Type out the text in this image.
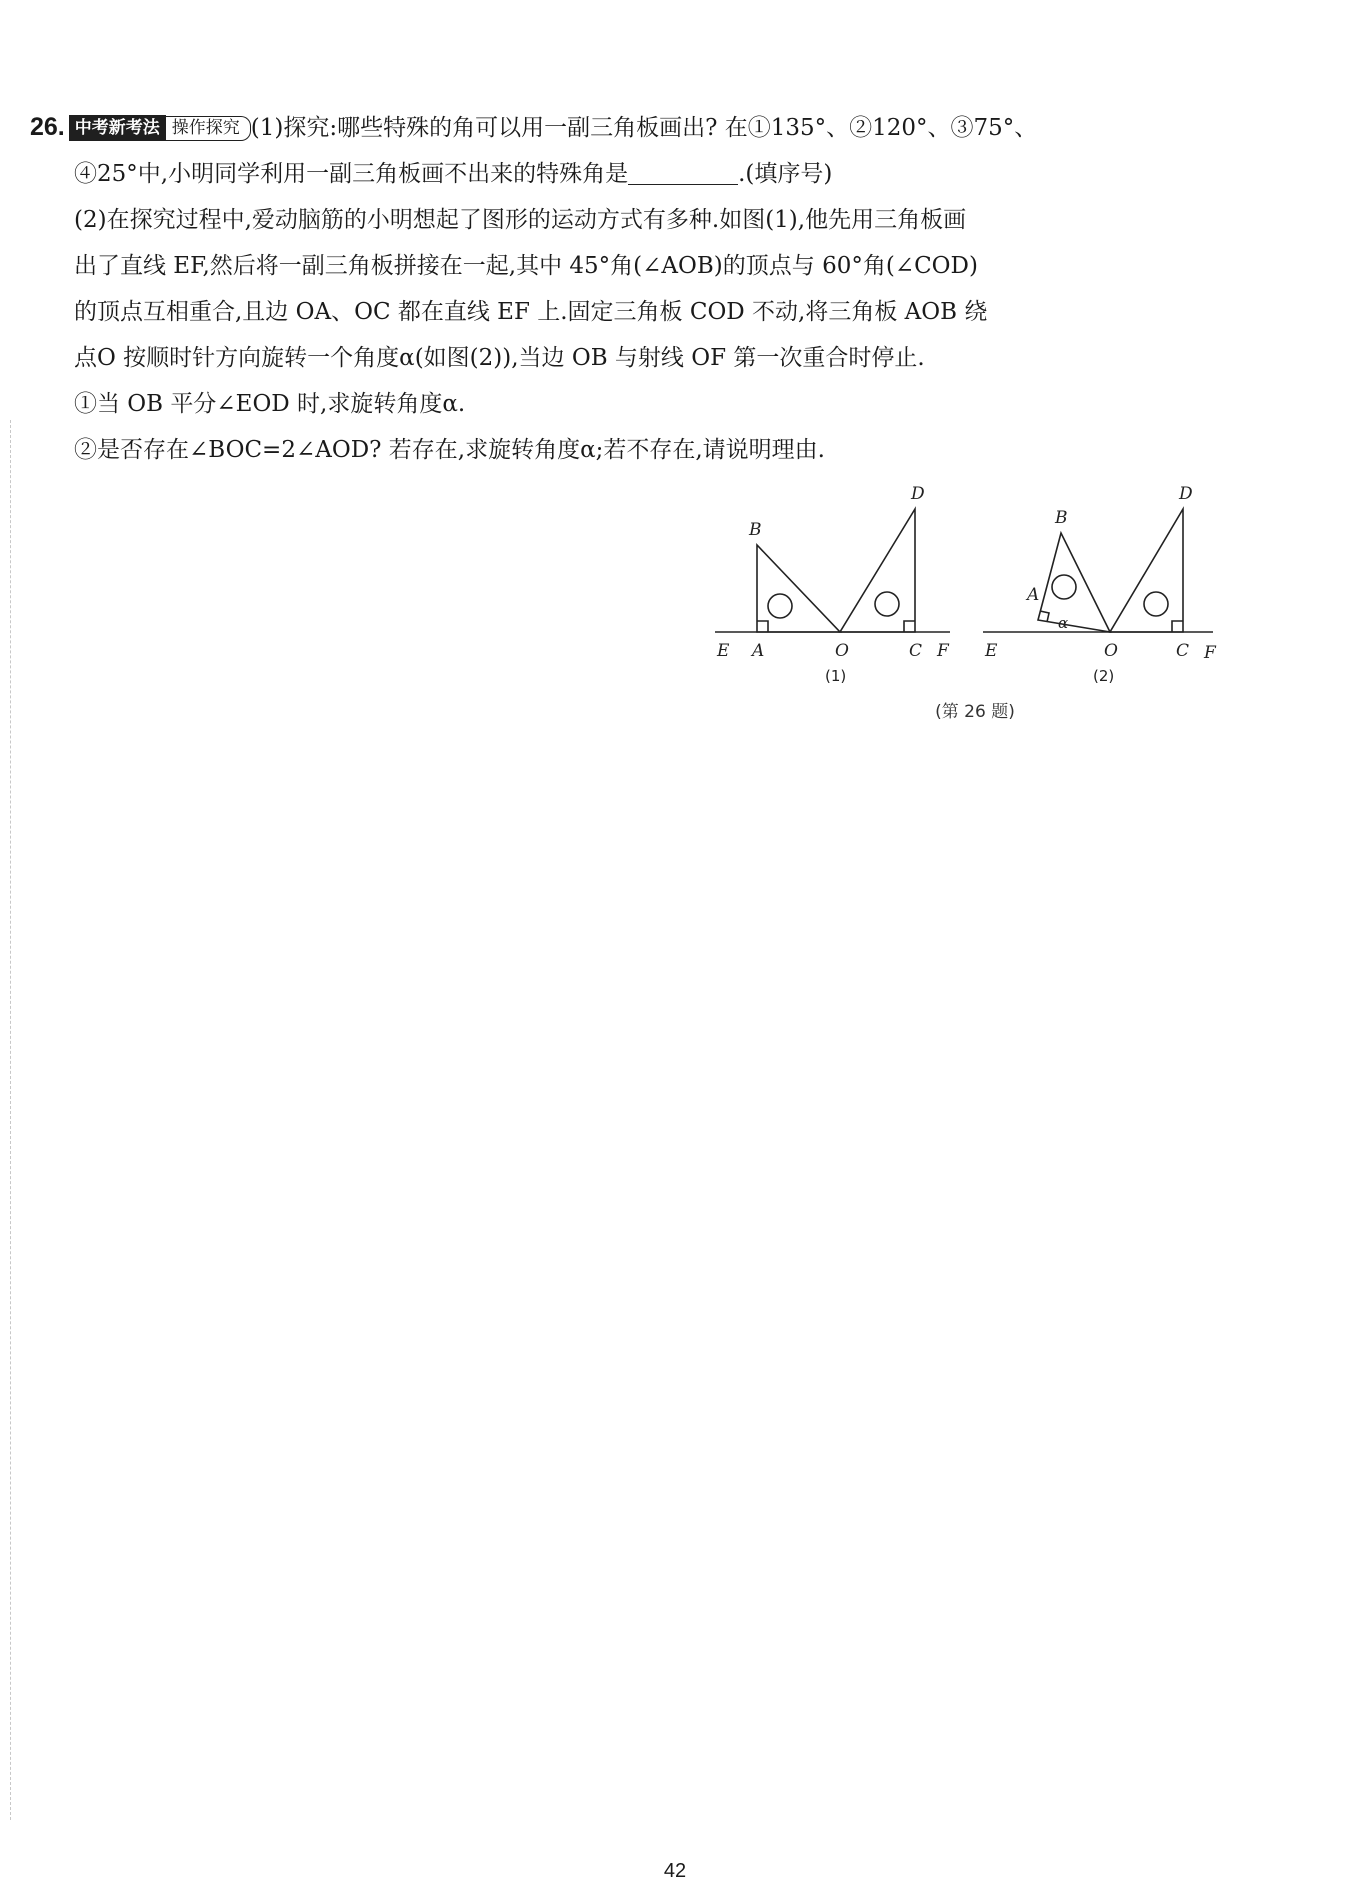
26. 中考新考法 操作探究 (1)探究:哪些特殊的角可以用一副三角板画出? 在①135°、②120°、③75°、
④25°中,小明同学利用一副三角板画不出来的特殊角是	.(填序号)
(2)在探究过程中,爱动脑筋的小明想起了图形的运动方式有多种.如图(1),他先用三角板画
出了直线 EF,然后将一副三角板拼接在一起,其中 45°角(∠AOB)的顶点与 60°角(∠COD)
的顶点互相重合,且边 OA、OC 都在直线 EF 上.固定三角板 COD 不动,将三角板 AOB 绕
点O 按顺时针方向旋转一个角度α(如图(2)),当边 OB 与射线 OF 第一次重合时停止.
①当 OB 平分∠EOD 时,求旋转角度α.
②是否存在∠BOC=2∠AOD? 若存在,求旋转角度α;若不存在,请说明理由.
E A	O	C F
B
D
(1)
E
A
O	C F
B
D
α
(2)
(第 26 题)
42
